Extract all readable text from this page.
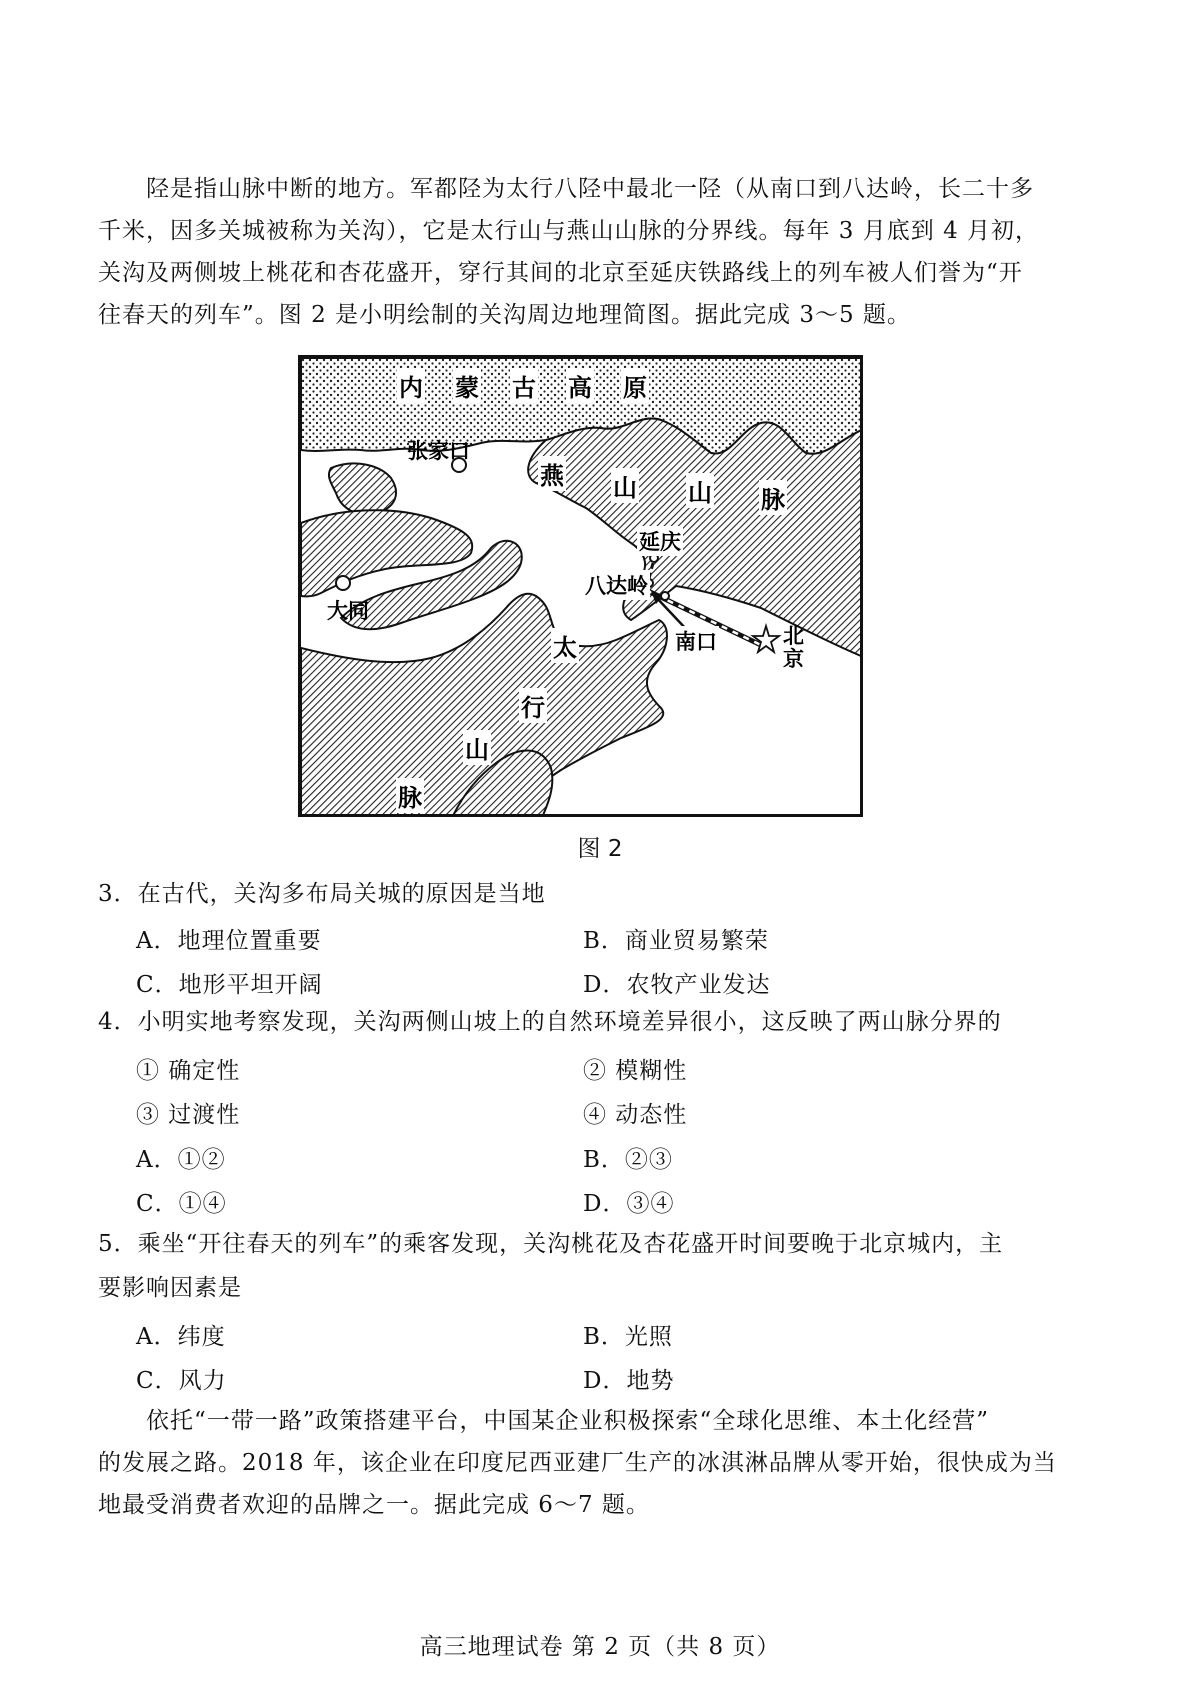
陉是指山脉中断的地方。军都陉为太行八陉中最北一陉（从南口到八达岭，长二十多

千米，因多关城被称为关沟），它是太行山与燕山山脉的分界线。每年 3 月底到 4 月初，

关沟及两侧坡上桃花和杏花盛开，穿行其间的北京至延庆铁路线上的列车被人们誉为“开

往春天的列车”。图 2 是小明绘制的关沟周边地理简图。据此完成 3～5 题。

内 蒙 古 高 原
燕 山 山 脉
太
行
山
脉
张家口
大同
延庆
八达岭
南口	北
京
图 2

3．在古代，关沟多布局关城的原因是当地

A．地理位置重要	B．商业贸易繁荣
C．地形平坦开阔	D．农牧产业发达

4．小明实地考察发现，关沟两侧山坡上的自然环境差异很小，这反映了两山脉分界的

① 确定性	② 模糊性
③ 过渡性	④ 动态性
A．①②	B．②③
C．①④	D．③④

5．乘坐“开往春天的列车”的乘客发现，关沟桃花及杏花盛开时间要晚于北京城内，主

要影响因素是

A．纬度	B．光照
C．风力	D．地势

依托“一带一路”政策搭建平台，中国某企业积极探索“全球化思维、本土化经营”

的发展之路。2018 年，该企业在印度尼西亚建厂生产的冰淇淋品牌从零开始，很快成为当

地最受消费者欢迎的品牌之一。据此完成 6～7 题。

高三地理试卷 第 2 页（共 8 页）
